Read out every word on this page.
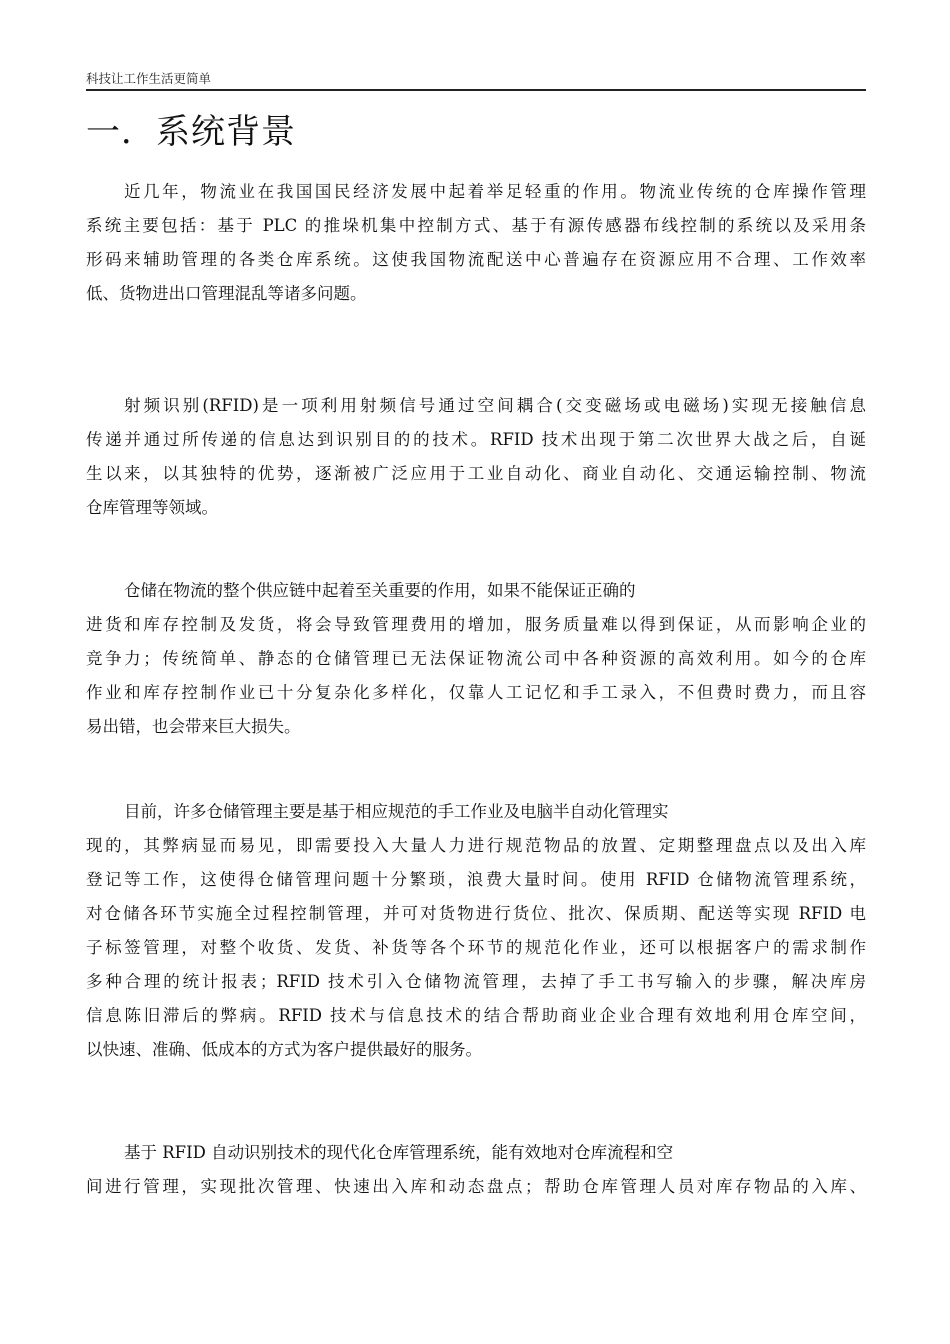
科技让工作生活更简单
一．系统背景
近几年，物流业在我国国民经济发展中起着举足轻重的作用。物流业传统的仓库操作管理
系统主要包括：基于 PLC 的推垛机集中控制方式、基于有源传感器布线控制的系统以及采用条
形码来辅助管理的各类仓库系统。这使我国物流配送中心普遍存在资源应用不合理、工作效率
低、货物进出口管理混乱等诸多问题。
射频识别(RFID)是一项利用射频信号通过空间耦合(交变磁场或电磁场)实现无接触信息
传递并通过所传递的信息达到识别目的的技术。RFID 技术出现于第二次世界大战之后，自诞
生以来，以其独特的优势，逐渐被广泛应用于工业自动化、商业自动化、交通运输控制、物流
仓库管理等领域。
仓储在物流的整个供应链中起着至关重要的作用，如果不能保证正确的
进货和库存控制及发货，将会导致管理费用的增加，服务质量难以得到保证，从而影响企业的
竞争力；传统简单、静态的仓储管理已无法保证物流公司中各种资源的高效利用。如今的仓库
作业和库存控制作业已十分复杂化多样化，仅靠人工记忆和手工录入，不但费时费力，而且容
易出错，也会带来巨大损失。
目前，许多仓储管理主要是基于相应规范的手工作业及电脑半自动化管理实
现的，其弊病显而易见，即需要投入大量人力进行规范物品的放置、定期整理盘点以及出入库
登记等工作，这使得仓储管理问题十分繁琐，浪费大量时间。使用 RFID 仓储物流管理系统，
对仓储各环节实施全过程控制管理，并可对货物进行货位、批次、保质期、配送等实现 RFID 电
子标签管理，对整个收货、发货、补货等各个环节的规范化作业，还可以根据客户的需求制作
多种合理的统计报表；RFID 技术引入仓储物流管理，去掉了手工书写输入的步骤，解决库房
信息陈旧滞后的弊病。RFID 技术与信息技术的结合帮助商业企业合理有效地利用仓库空间，
以快速、准确、低成本的方式为客户提供最好的服务。
基于 RFID 自动识别技术的现代化仓库管理系统，能有效地对仓库流程和空
间进行管理，实现批次管理、快速出入库和动态盘点；帮助仓库管理人员对库存物品的入库、
